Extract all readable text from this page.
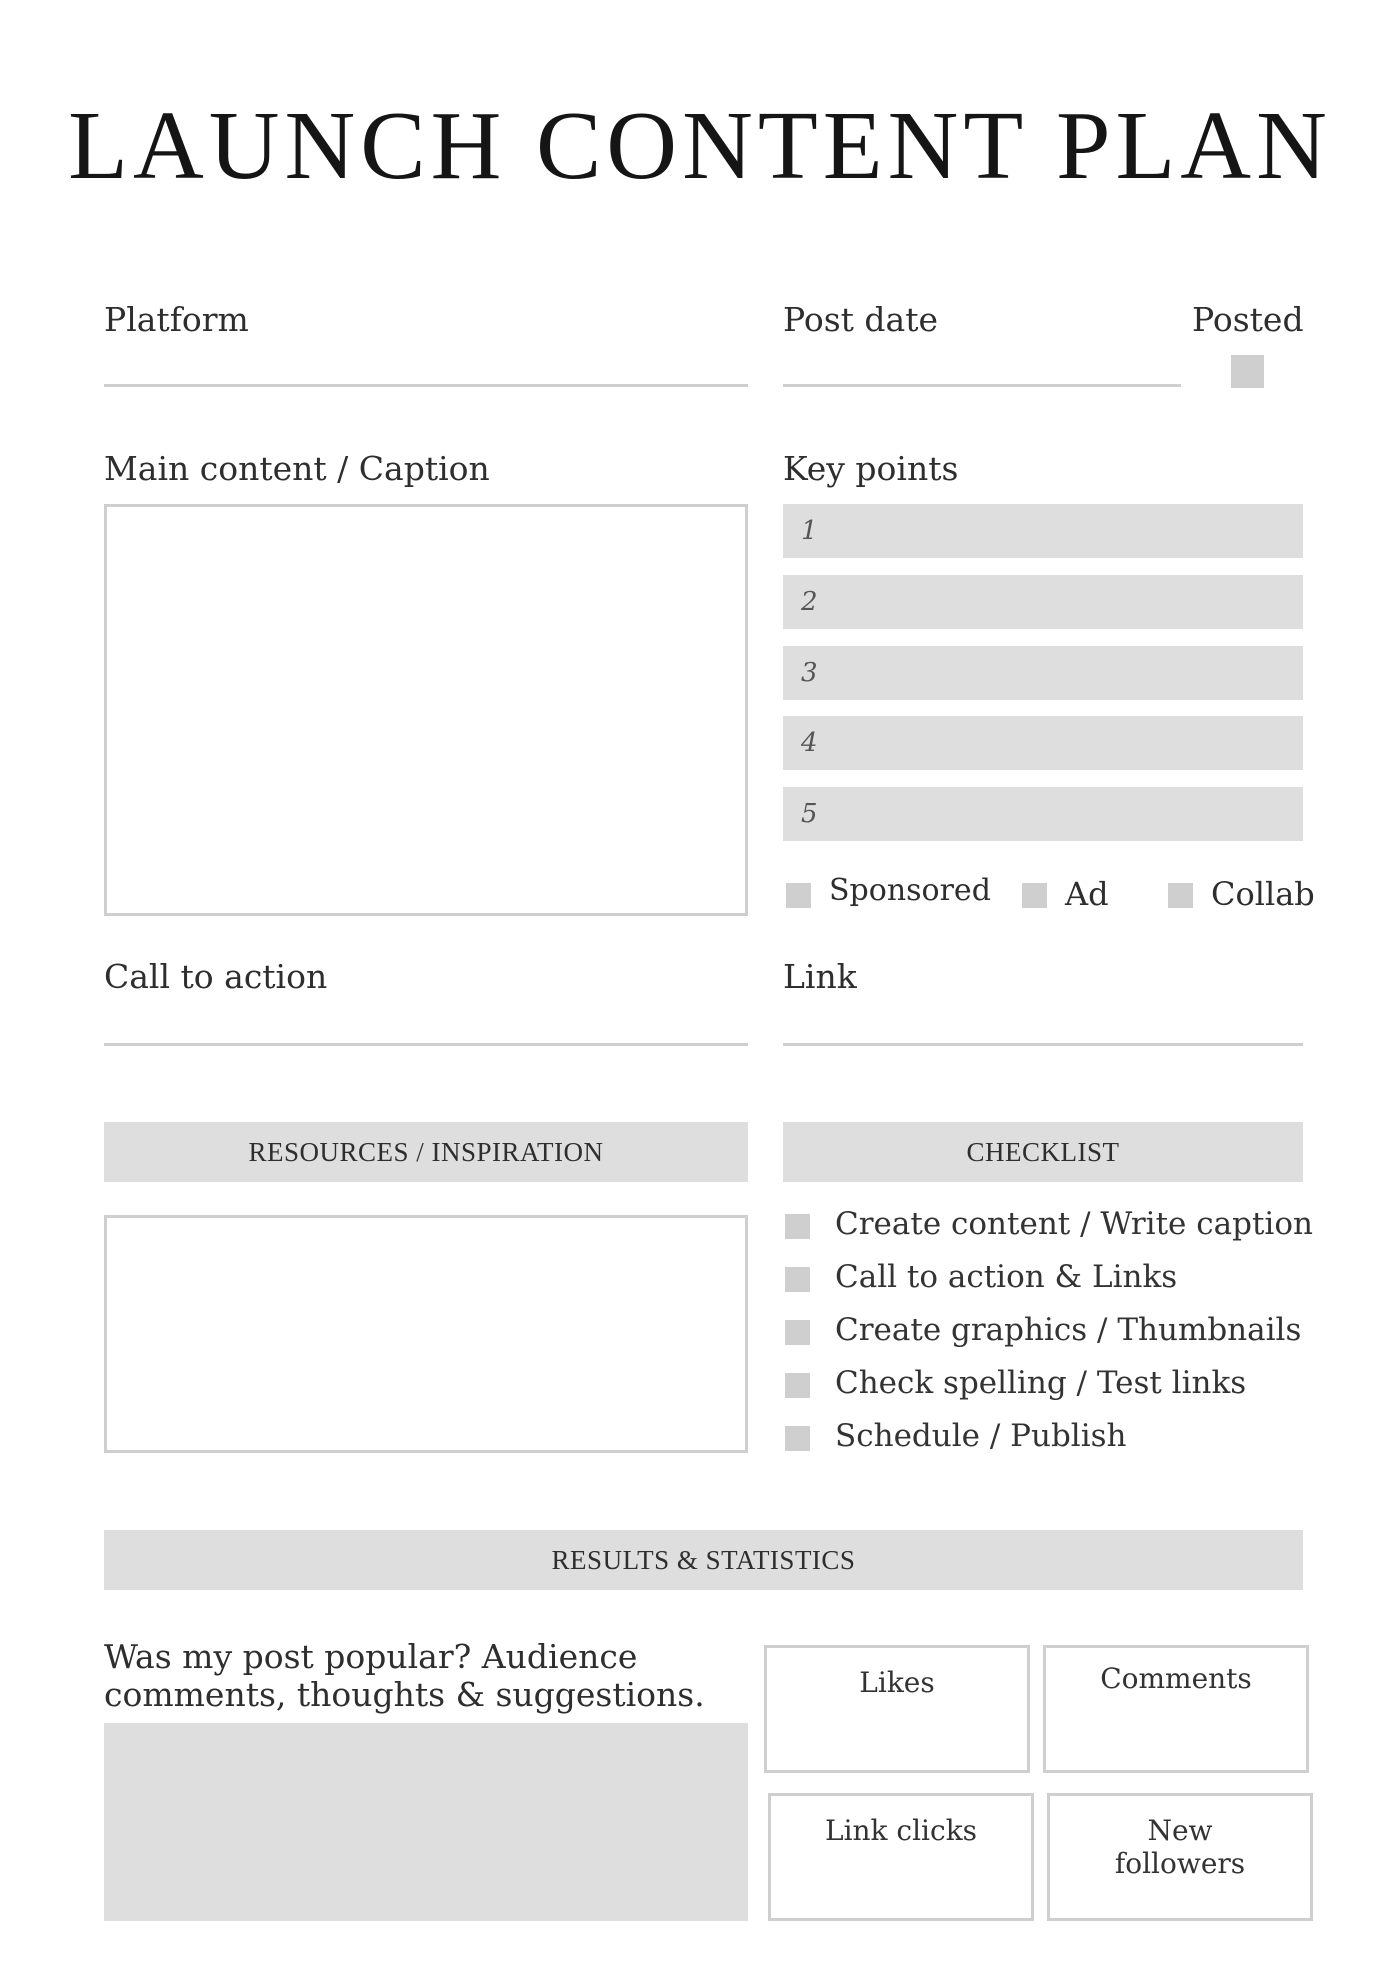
LAUNCH CONTENT PLAN
Platform	Post date	Posted
Main content / Caption	Key points
1
2
3
4
5
Sponsored Ad	Collab
Call to action	Link
RESOURCES / INSPIRATION	CHECKLIST
Create content / Write caption
Call to action & Links
Create graphics / Thumbnails
Check spelling / Test links
Schedule / Publish
RESULTS & STATISTICS
Was my post popular? Audience
comments, thoughts & suggestions.	Likes	Comments
Link clicks	New followers
